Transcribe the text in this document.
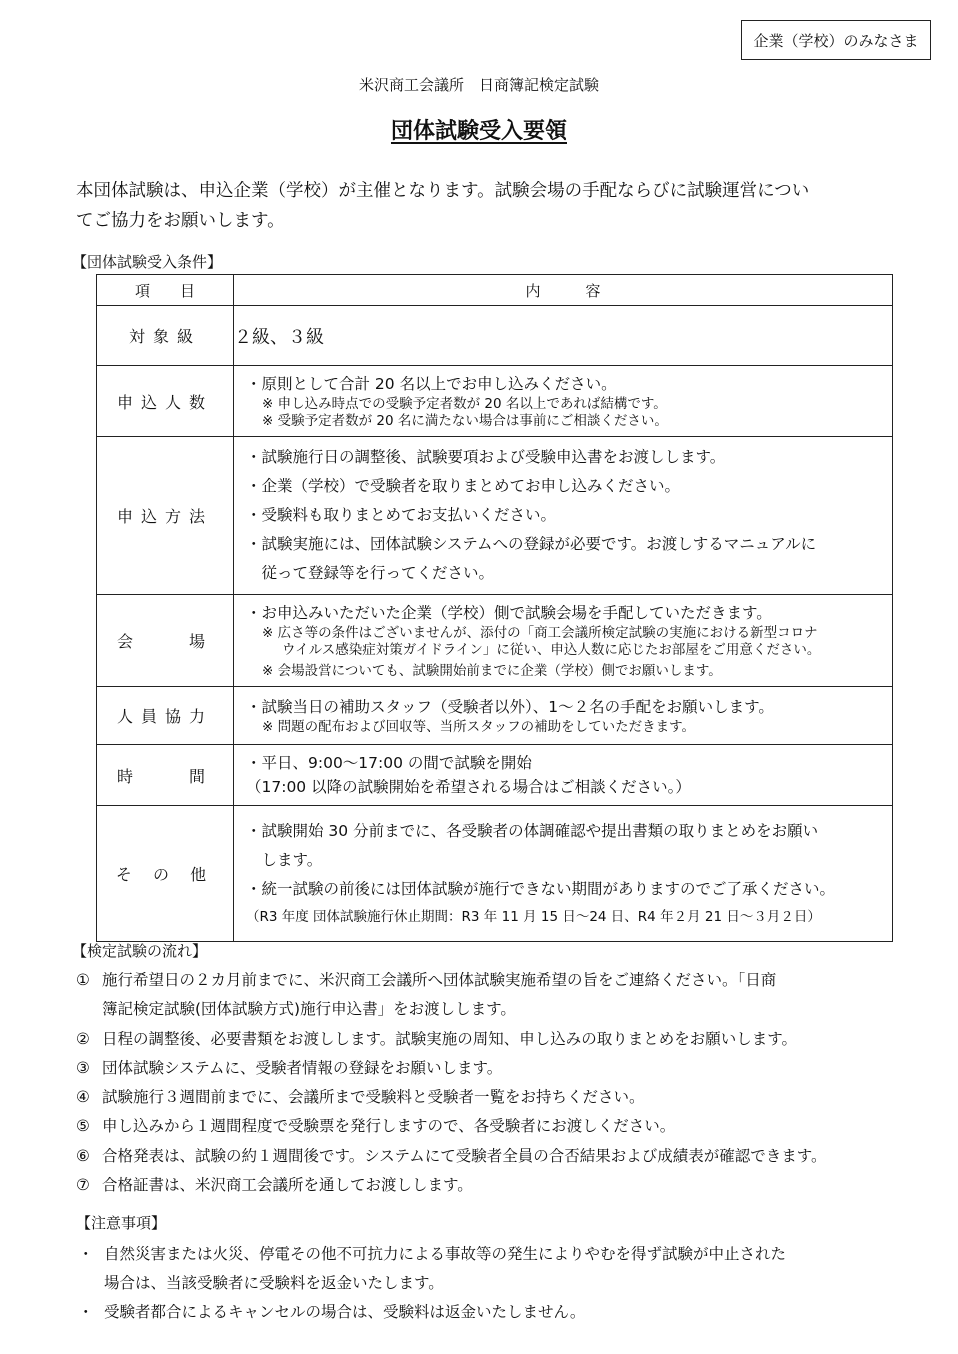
企業（学校）のみなさま
米沢商工会議所　日商簿記検定試験
団体試験受入要領
本団体試験は、申込企業（学校）が主催となります。試験会場の手配ならびに試験運営につい
てご協力をお願いします。
【団体試験受入条件】
項　　目	内　　　容
対象級	２級、３級
申込人数	・原則として合計 20 名以上でお申し込みください。
※ 申し込み時点での受験予定者数が 20 名以上であれば結構です。
※ 受験予定者数が 20 名に満たない場合は事前にご相談ください。

申込方法	・試験施行日の調整後、試験要項および受験申込書をお渡しします。
・企業（学校）で受験者を取りまとめてお申し込みください。
・受験料も取りまとめてお支払いください。
・試験実施には、団体試験システムへの登録が必要です。お渡しするマニュアルに
　従って登録等を行ってください。

会　　場	・お申込みいただいた企業（学校）側で試験会場を手配していただきます。
※ 広さ等の条件はございませんが、添付の「商工会議所検定試験の実施における新型コロナ
ウイルス感染症対策ガイドライン」に従い、申込人数に応じたお部屋をご用意ください。
※ 会場設営についても、試験開始前までに企業（学校）側でお願いします。

人員協力	・試験当日の補助スタッフ（受験者以外）、1～２名の手配をお願いします。
※ 問題の配布および回収等、当所スタッフの補助をしていただきます。

時　　間	・平日、9:00～17:00 の間で試験を開始
（17:00 以降の試験開始を希望される場合はご相談ください。）

そ の 他	・試験開始 30 分前までに、各受験者の体調確認や提出書類の取りまとめをお願い
　します。
・統一試験の前後には団体試験が施行できない期間がありますのでご了承ください。
（R3 年度 団体試験施行休止期間：R3 年 11 月 15 日～24 日、R4 年２月 21 日～３月２日）
【検定試験の流れ】
① 施行希望日の２カ月前までに、米沢商工会議所へ団体試験実施希望の旨をご連絡ください。「日商
簿記検定試験(団体試験方式)施行申込書」をお渡しします。
② 日程の調整後、必要書類をお渡しします。試験実施の周知、申し込みの取りまとめをお願いします。
③ 団体試験システムに、受験者情報の登録をお願いします。
④ 試験施行３週間前までに、会議所まで受験料と受験者一覧をお持ちください。
⑤ 申し込みから１週間程度で受験票を発行しますので、各受験者にお渡しください。
⑥ 合格発表は、試験の約１週間後です。システムにて受験者全員の合否結果および成績表が確認できます。
⑦ 合格証書は、米沢商工会議所を通してお渡しします。
【注意事項】
・ 自然災害または火災、停電その他不可抗力による事故等の発生によりやむを得ず試験が中止された
場合は、当該受験者に受験料を返金いたします。
・ 受験者都合によるキャンセルの場合は、受験料は返金いたしません。
